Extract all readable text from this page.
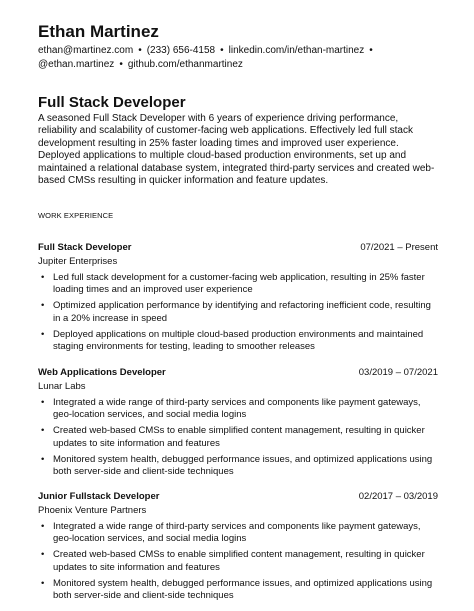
Ethan Martinez
ethan@martinez.com • (233) 656-4158 • linkedin.com/in/ethan-martinez •
@ethan.martinez • github.com/ethanmartinez
Full Stack Developer

A seasoned Full Stack Developer with 6 years of experience driving performance, reliability and scalability of customer-facing web applications. Effectively led full stack development resulting in 25% faster loading times and improved user experience. Deployed applications to multiple cloud-based production environments, set up and maintained a relational database system, integrated third-party services and created web-based CMSs resulting in quicker information and feature updates.

WORK EXPERIENCE
Full Stack Developer	07/2021 – Present
Jupiter Enterprises
• Led full stack development for a customer-facing web application, resulting in 25% faster loading times and an improved user experience
• Optimized application performance by identifying and refactoring inefficient code, resulting in a 20% increase in speed
• Deployed applications on multiple cloud-based production environments and maintained staging environments for testing, leading to smoother releases
Web Applications Developer	03/2019 – 07/2021
Lunar Labs
• Integrated a wide range of third-party services and components like payment gateways, geo-location services, and social media logins
• Created web-based CMSs to enable simplified content management, resulting in quicker updates to site information and features
• Monitored system health, debugged performance issues, and optimized applications using both server-side and client-side techniques
Junior Fullstack Developer	02/2017 – 03/2019
Phoenix Venture Partners
• Integrated a wide range of third-party services and components like payment gateways, geo-location services, and social media logins
• Created web-based CMSs to enable simplified content management, resulting in quicker updates to site information and features
• Monitored system health, debugged performance issues, and optimized applications using both server-side and client-side techniques
